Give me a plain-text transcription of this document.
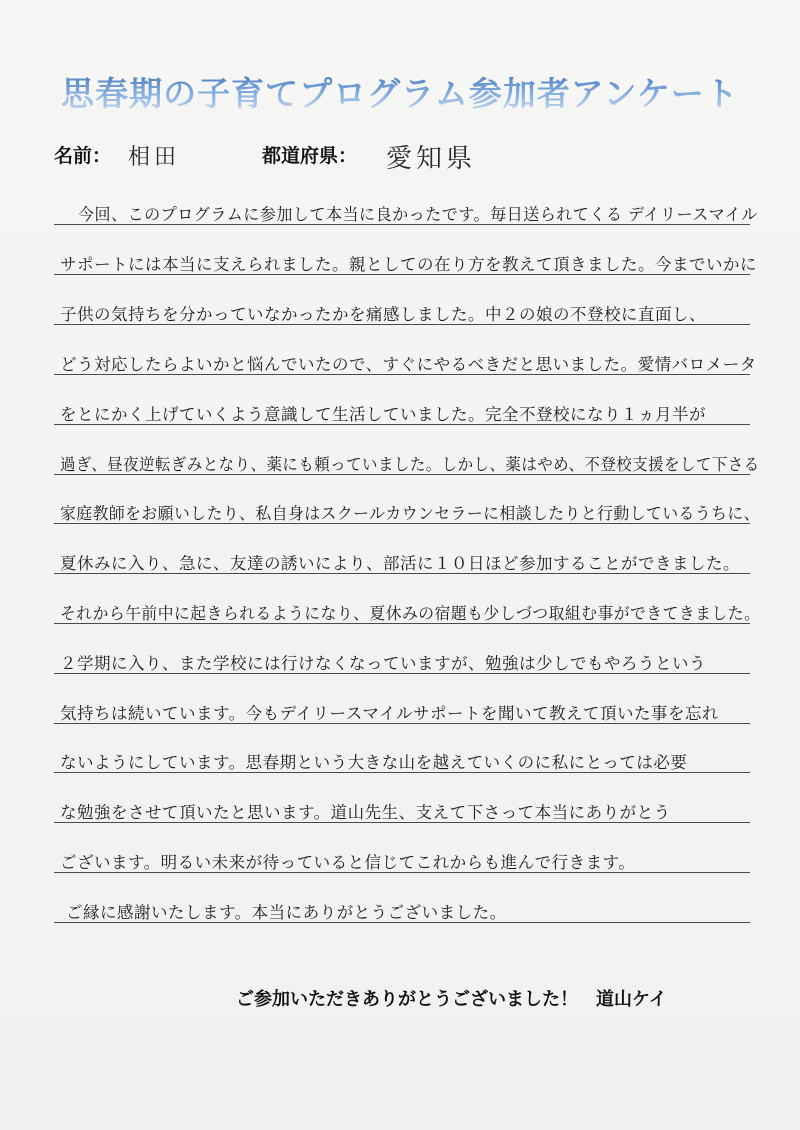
思春期の子育てプログラム参加者アンケート
名前： 相田	都道府県： 愛知県
今回、このプログラムに参加して本当に良かったです。毎日送られてくる デイリースマイル
サポートには本当に支えられました。親としての在り方を教えて頂きました。今までいかに
子供の気持ちを分かっていなかったかを痛感しました。中２の娘の不登校に直面し、
どう対応したらよいかと悩んでいたので、すぐにやるべきだと思いました。愛情バロメータ
をとにかく上げていくよう意識して生活していました。完全不登校になり１ヵ月半が
過ぎ、昼夜逆転ぎみとなり、薬にも頼っていました。しかし、薬はやめ、不登校支援をして下さる
家庭教師をお願いしたり、私自身はスクールカウンセラーに相談したりと行動しているうちに、
夏休みに入り、急に、友達の誘いにより、部活に１０日ほど参加することができました。
それから午前中に起きられるようになり、夏休みの宿題も少しづつ取組む事ができてきました。
２学期に入り、また学校には行けなくなっていますが、勉強は少しでもやろうという
気持ちは続いています。今もデイリースマイルサポートを聞いて教えて頂いた事を忘れ
ないようにしています。思春期という大きな山を越えていくのに私にとっては必要
な勉強をさせて頂いたと思います。道山先生、支えて下さって本当にありがとう
ございます。明るい未来が待っていると信じてこれからも進んで行きます。
ご縁に感謝いたします。本当にありがとうございました。
ご参加いただきありがとうございました！ 道山ケイ
